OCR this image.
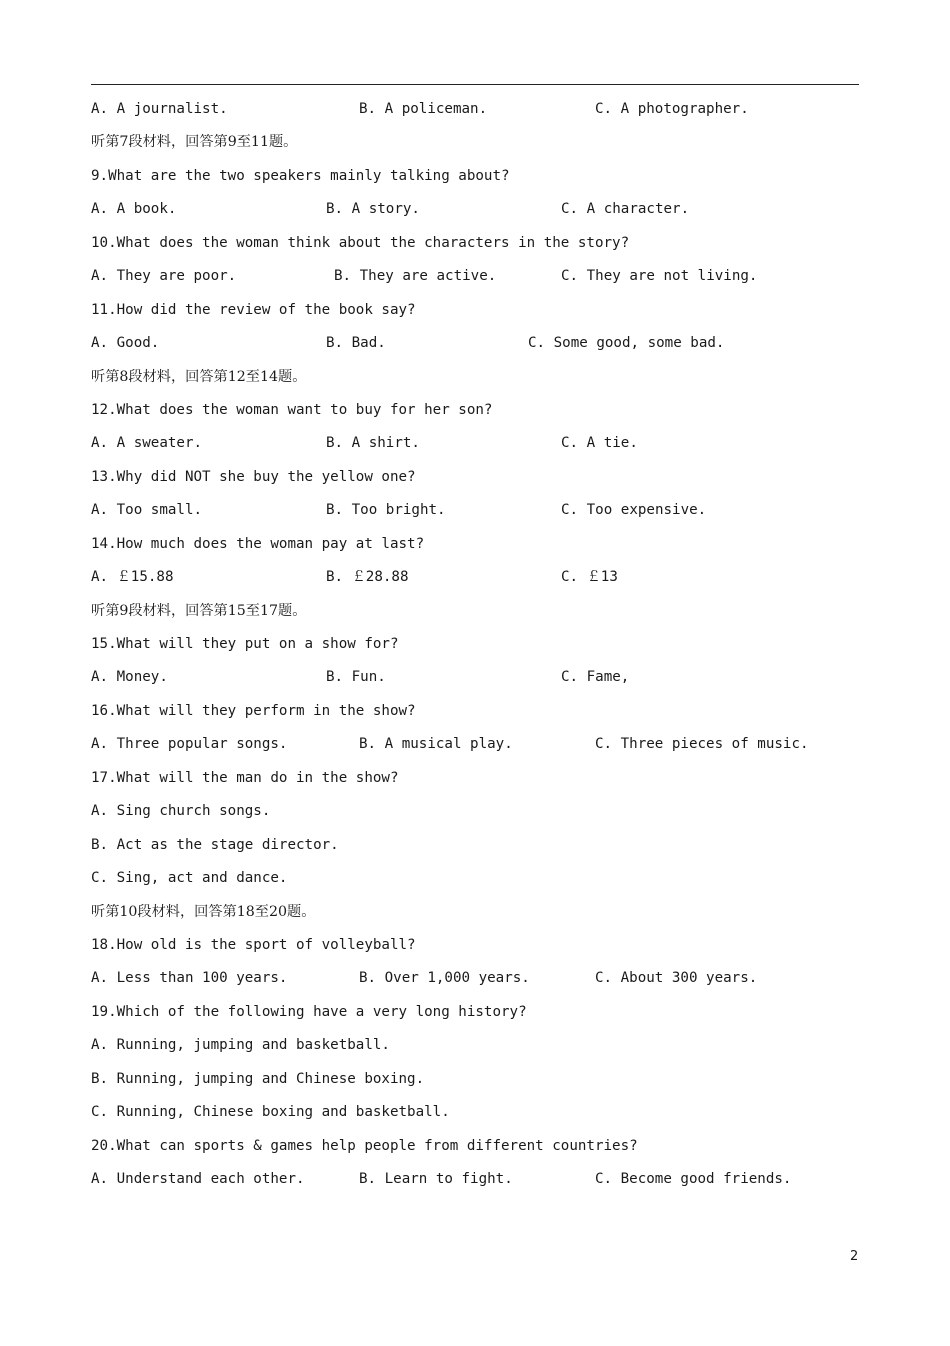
A. A journalist.

	B. A policeman.

	C. A photographer.

听第7段材料，回答第9至11题。

9.What are the two speakers mainly talking about?

A. A book.

	B. A story.

	C. A character.

10.What does the woman think about the characters in the story?

A. They are poor.

	B. They are active.

	C. They are not living.

11.How did the review of the book say?

A. Good.

	B. Bad.

	C. Some good, some bad.

听第8段材料，回答第12至14题。

12.What does the woman want to buy for her son?

A. A sweater.

	B. A shirt.

	C. A tie.

13.Why did NOT she buy the yellow one?

A. Too small.

	B. Too bright.

	C. Too expensive.

14.How much does the woman pay at last?

A. ￡15.88

	B. ￡28.88

	C. ￡13

听第9段材料，回答第15至17题。

15.What will they put on a show for?

A. Money.

	B. Fun.

	C. Fame,

16.What will they perform in the show?

A. Three popular songs.

	B. A musical play.

	C. Three pieces of music.

17.What will the man do in the show?

A. Sing church songs.

B. Act as the stage director.

C. Sing, act and dance.

听第10段材料，回答第18至20题。

18.How old is the sport of volleyball?

A. Less than 100 years.

	B. Over 1,000 years.

	C. About 300 years.

19.Which of the following have a very long history?

A. Running, jumping and basketball.

B. Running, jumping and Chinese boxing.

C. Running, Chinese boxing and basketball.

20.What can sports & games help people from different countries?

A. Understand each other.

	B. Learn to fight.

	C. Become good friends.

2
